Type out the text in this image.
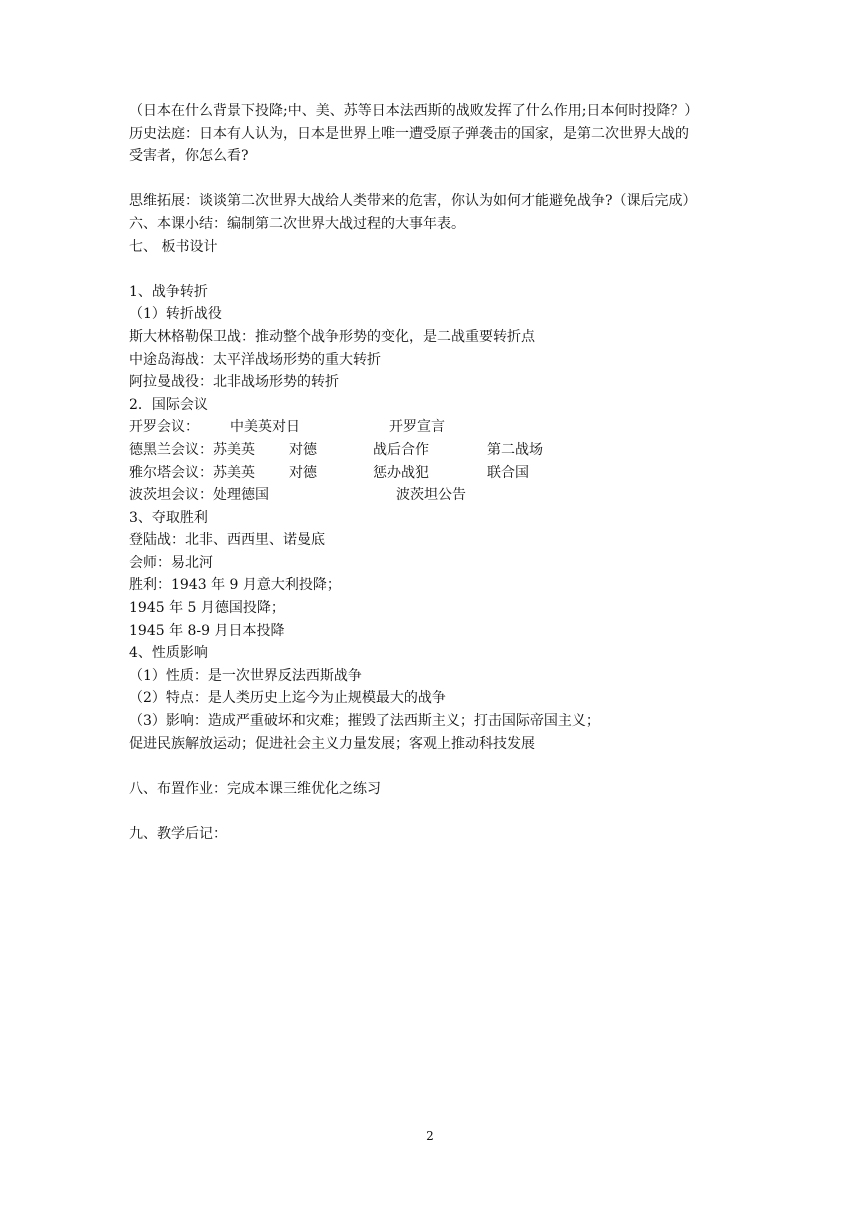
（日本在什么背景下投降;中、美、苏等日本法西斯的战败发挥了什么作用;日本何时投降？）
历史法庭：日本有人认为，日本是世界上唯一遭受原子弹袭击的国家，是第二次世界大战的
受害者，你怎么看?
思维拓展：谈谈第二次世界大战给人类带来的危害，你认为如何才能避免战争?（课后完成）
六、本课小结：编制第二次世界大战过程的大事年表。
七、 板书设计
1、战争转折
（1）转折战役
斯大林格勒保卫战：推动整个战争形势的变化，是二战重要转折点
中途岛海战：太平洋战场形势的重大转折
阿拉曼战役：北非战场形势的转折
2．国际会议
开罗会议： 中美英对日	开罗宣言
德黑兰会议：苏美英 对德	战后合作	第二战场
雅尔塔会议：苏美英 对德	惩办战犯	联合国
波茨坦会议：处理德国	波茨坦公告
3、夺取胜利
登陆战：北非、西西里、诺曼底
会师：易北河
胜利：1943 年 9 月意大利投降；
1945 年 5 月德国投降；
1945 年 8-9 月日本投降
4、性质影响
（1）性质：是一次世界反法西斯战争
（2）特点：是人类历史上迄今为止规模最大的战争
（3）影响：造成严重破坏和灾难；摧毁了法西斯主义；打击国际帝国主义；
促进民族解放运动；促进社会主义力量发展；客观上推动科技发展
八、布置作业：完成本课三维优化之练习
九、教学后记：
2
